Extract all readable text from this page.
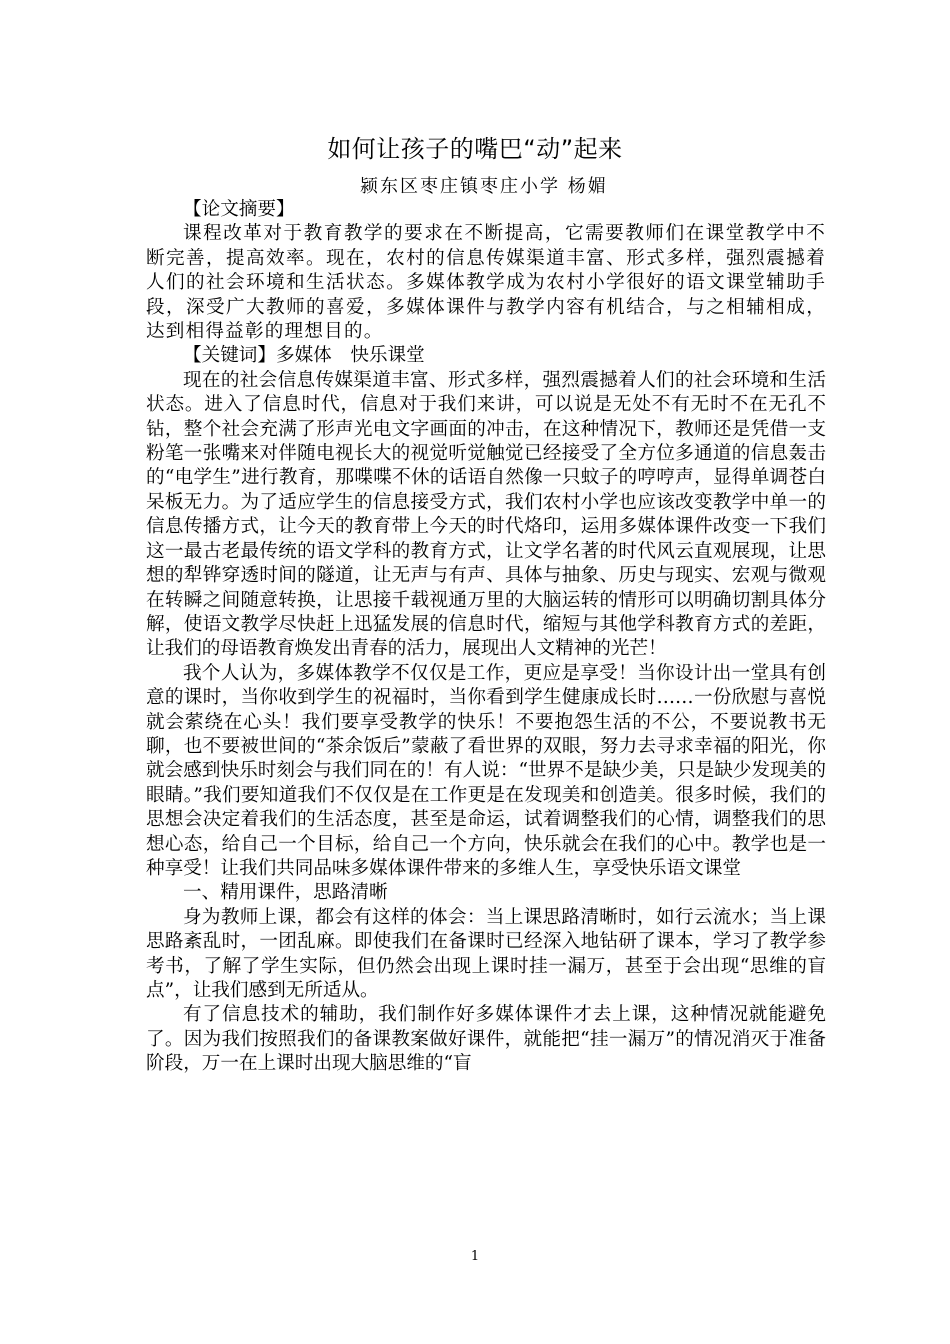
如何让孩子的嘴巴“动”起来
颍东区枣庄镇枣庄小学 杨媚

【论文摘要】

课程改革对于教育教学的要求在不断提高，它需要教师们在课堂教学中不断完善，提高效率。现在，农村的信息传媒渠道丰富、形式多样，强烈震撼着人们的社会环境和生活状态。多媒体教学成为农村小学很好的语文课堂辅助手段，深受广大教师的喜爱，多媒体课件与教学内容有机结合，与之相辅相成，达到相得益彰的理想目的。

【关键词】多媒体　快乐课堂

现在的社会信息传媒渠道丰富、形式多样，强烈震撼着人们的社会环境和生活状态。进入了信息时代，信息对于我们来讲，可以说是无处不有无时不在无孔不钻，整个社会充满了形声光电文字画面的冲击，在这种情况下，教师还是凭借一支粉笔一张嘴来对伴随电视长大的视觉听觉触觉已经接受了全方位多通道的信息轰击的“电学生”进行教育，那喋喋不休的话语自然像一只蚊子的哼哼声，显得单调苍白呆板无力。为了适应学生的信息接受方式，我们农村小学也应该改变教学中单一的信息传播方式，让今天的教育带上今天的时代烙印，运用多媒体课件改变一下我们这一最古老最传统的语文学科的教育方式，让文学名著的时代风云直观展现，让思想的犁铧穿透时间的隧道，让无声与有声、具体与抽象、历史与现实、宏观与微观在转瞬之间随意转换，让思接千载视通万里的大脑运转的情形可以明确切割具体分解，使语文教学尽快赶上迅猛发展的信息时代，缩短与其他学科教育方式的差距，让我们的母语教育焕发出青春的活力，展现出人文精神的光芒！

我个人认为，多媒体教学不仅仅是工作，更应是享受！当你设计出一堂具有创意的课时，当你收到学生的祝福时，当你看到学生健康成长时……一份欣慰与喜悦就会萦绕在心头！我们要享受教学的快乐！不要抱怨生活的不公，不要说教书无聊，也不要被世间的“茶余饭后”蒙蔽了看世界的双眼，努力去寻求幸福的阳光，你就会感到快乐时刻会与我们同在的！有人说：“世界不是缺少美，只是缺少发现美的眼睛。”我们要知道我们不仅仅是在工作更是在发现美和创造美。很多时候，我们的思想会决定着我们的生活态度，甚至是命运，试着调整我们的心情，调整我们的思想心态，给自己一个目标，给自己一个方向，快乐就会在我们的心中。教学也是一种享受！让我们共同品味多媒体课件带来的多维人生，享受快乐语文课堂

一、精用课件，思路清晰

身为教师上课，都会有这样的体会：当上课思路清晰时，如行云流水；当上课思路紊乱时，一团乱麻。即使我们在备课时已经深入地钻研了课本，学习了教学参考书，了解了学生实际，但仍然会出现上课时挂一漏万，甚至于会出现“思维的盲点”，让我们感到无所适从。

有了信息技术的辅助，我们制作好多媒体课件才去上课，这种情况就能避免了。因为我们按照我们的备课教案做好课件，就能把“挂一漏万”的情况消灭于准备阶段，万一在上课时出现大脑思维的“盲

1
